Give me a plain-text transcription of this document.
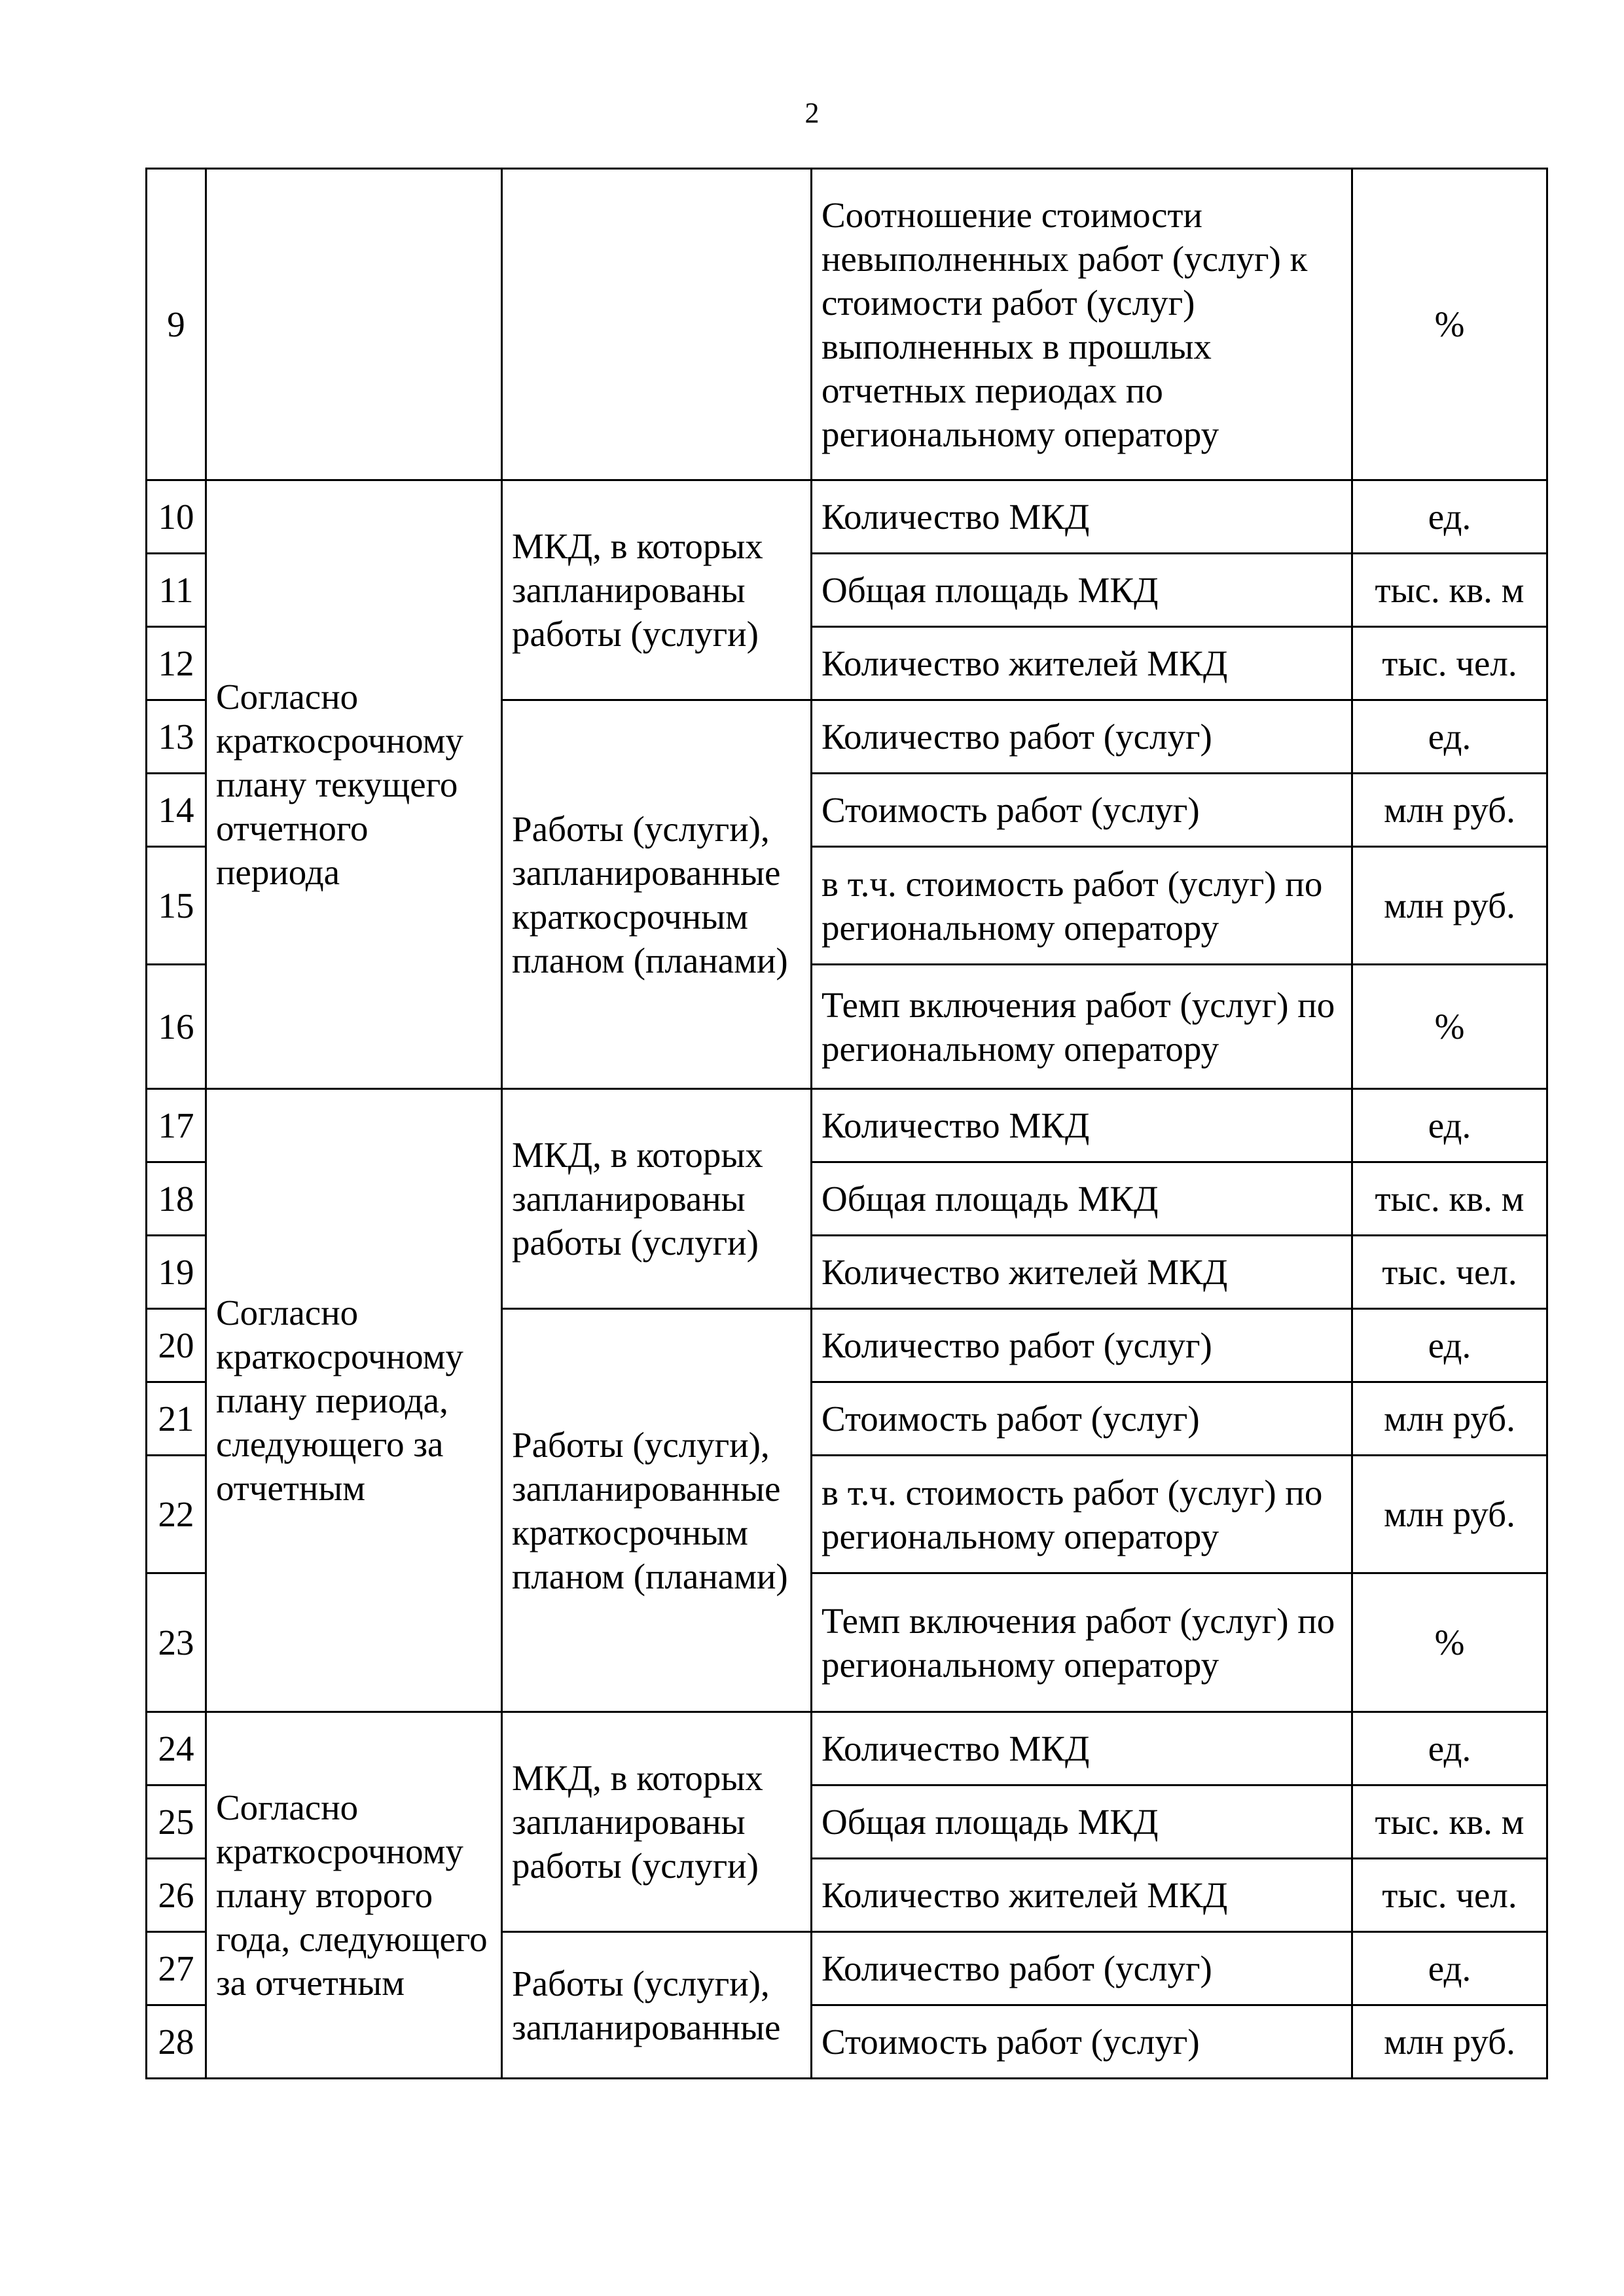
2
9			Соотношение стоимости невыполненных работ (услуг) к стоимости работ (услуг) выполненных в прошлых отчетных периодах по региональному оператору	%
10	Согласно краткосрочному плану текущего отчетного периода	МКД, в которых запланированы работы (услуги)	Количество МКД	ед.
11			Общая площадь МКД	тыс. кв. м
12			Количество жителей МКД	тыс. чел.
13		Работы (услуги), запланированные краткосрочным планом (планами)	Количество работ (услуг)	ед.
14			Стоимость работ (услуг)	млн руб.
15			в т.ч. стоимость работ (услуг) по региональному оператору	млн руб.
16			Темп включения работ (услуг) по региональному оператору	%
17	Согласно краткосрочному плану периода, следующего за отчетным	МКД, в которых запланированы работы (услуги)	Количество МКД	ед.
18			Общая площадь МКД	тыс. кв. м
19			Количество жителей МКД	тыс. чел.
20		Работы (услуги), запланированные краткосрочным планом (планами)	Количество работ (услуг)	ед.
21			Стоимость работ (услуг)	млн руб.
22			в т.ч. стоимость работ (услуг) по региональному оператору	млн руб.
23			Темп включения работ (услуг) по региональному оператору	%
24	Согласно краткосрочному плану второго года, следующего за отчетным	МКД, в которых запланированы работы (услуги)	Количество МКД	ед.
25			Общая площадь МКД	тыс. кв. м
26			Количество жителей МКД	тыс. чел.
27		Работы (услуги), запланированные	Количество работ (услуг)	ед.
28			Стоимость работ (услуг)	млн руб.
